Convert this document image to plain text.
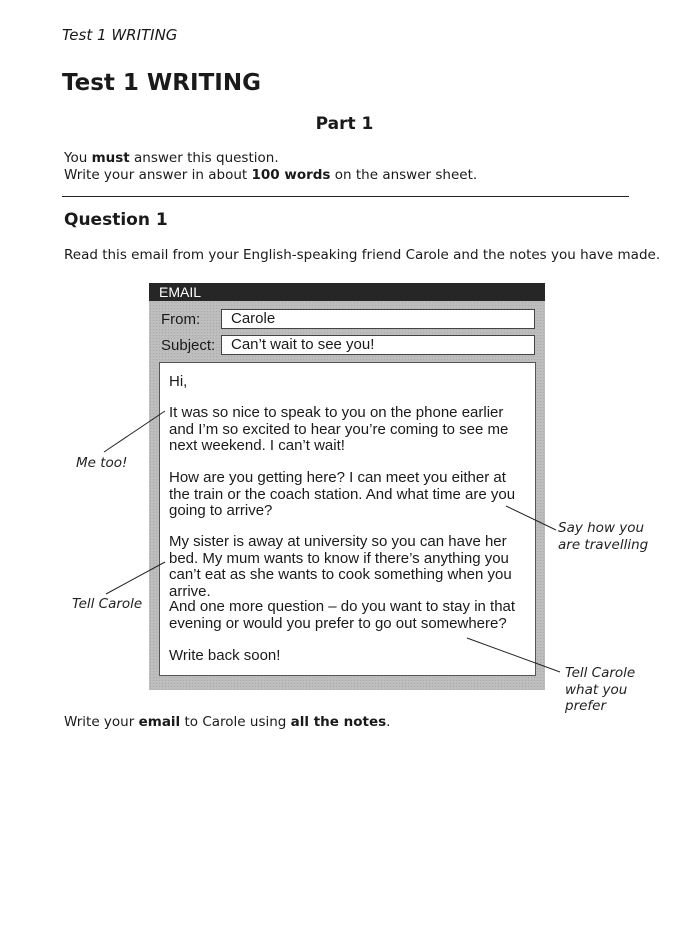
Test 1 WRITING
Test 1 WRITING
Part 1
You must answer this question.
Write your answer in about 100 words on the answer sheet.
Question 1
Read this email from your English-speaking friend Carole and the notes you have made.
EMAIL
From:	Carole
Subject:	Can’t wait to see you!

Hi,

It was so nice to speak to you on the phone earlier and I’m so excited to hear you’re coming to see me next weekend. I can’t wait!

How are you getting here? I can meet you either at the train or the coach station. And what time are you going to arrive?

My sister is away at university so you can have her bed. My mum wants to know if there’s anything you can’t eat as she wants to cook something when you arrive.

And one more question – do you want to stay in that evening or would you prefer to go out somewhere?

Write back soon!

Me too!
Say how you
are travelling
Tell Carole
Tell Carole
what you
prefer
Write your email to Carole using all the notes.
